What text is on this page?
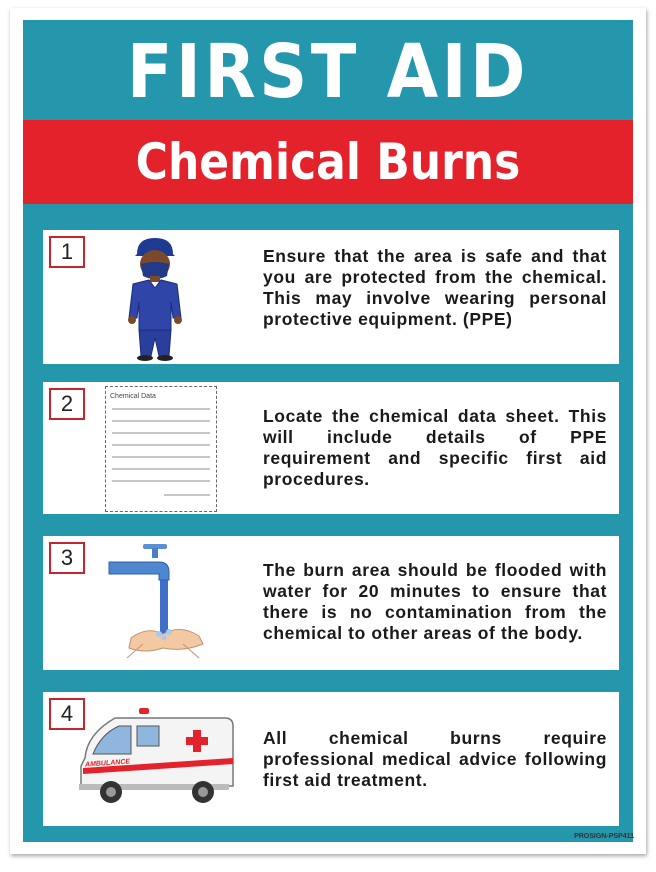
FIRST AID
Chemical Burns
1	Ensure that the area is safe and that you are protected from the chemical. This may involve wearing personal protective equipment. (PPE)
2	Chemical Data
Locate the chemical data sheet. This will include details of PPE requirement and specific first aid procedures.
3	The burn area should be flooded with water for 20 minutes to ensure that there is no contamination from the chemical to other areas of the body.
4
AMBULANCE
All chemical burns require professional medical advice following first aid treatment.
PROSIGN-PSP411
